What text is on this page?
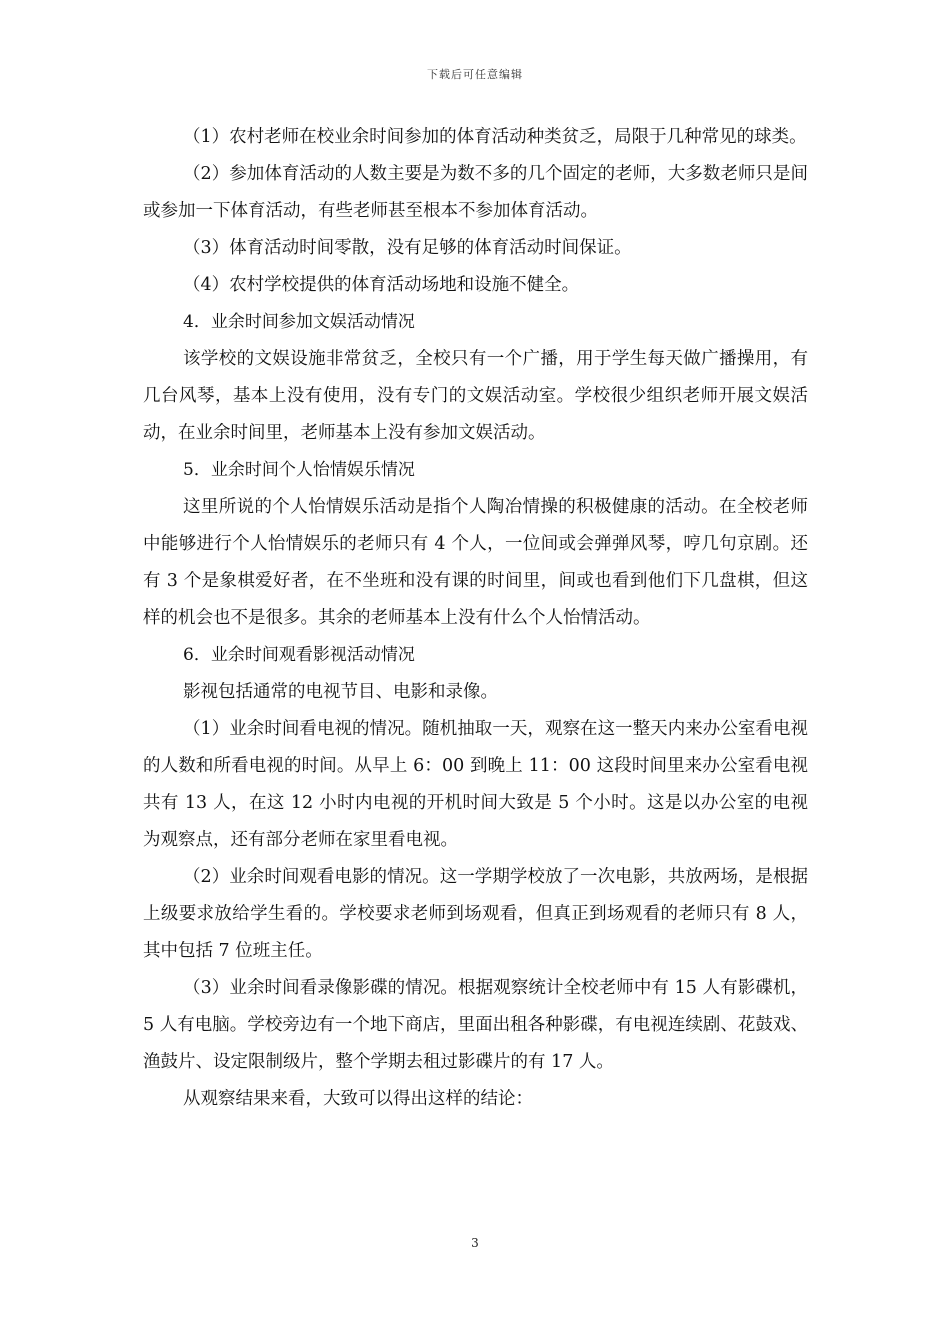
下载后可任意编辑

（1）农村老师在校业余时间参加的体育活动种类贫乏，局限于几种常见的球类。

（2）参加体育活动的人数主要是为数不多的几个固定的老师，大多数老师只是间或参加一下体育活动，有些老师甚至根本不参加体育活动。

（3）体育活动时间零散，没有足够的体育活动时间保证。

（4）农村学校提供的体育活动场地和设施不健全。

4．业余时间参加文娱活动情况

该学校的文娱设施非常贫乏，全校只有一个广播，用于学生每天做广播操用，有几台风琴，基本上没有使用，没有专门的文娱活动室。学校很少组织老师开展文娱活动，在业余时间里，老师基本上没有参加文娱活动。

5．业余时间个人怡情娱乐情况

这里所说的个人怡情娱乐活动是指个人陶冶情操的积极健康的活动。在全校老师中能够进行个人怡情娱乐的老师只有 4 个人，一位间或会弹弹风琴，哼几句京剧。还有 3 个是象棋爱好者，在不坐班和没有课的时间里，间或也看到他们下几盘棋，但这样的机会也不是很多。其余的老师基本上没有什么个人怡情活动。

6．业余时间观看影视活动情况

影视包括通常的电视节目、电影和录像。

（1）业余时间看电视的情况。随机抽取一天，观察在这一整天内来办公室看电视的人数和所看电视的时间。从早上 6：00 到晚上 11：00 这段时间里来办公室看电视共有 13 人，在这 12 小时内电视的开机时间大致是 5 个小时。这是以办公室的电视为观察点，还有部分老师在家里看电视。

（2）业余时间观看电影的情况。这一学期学校放了一次电影，共放两场，是根据上级要求放给学生看的。学校要求老师到场观看，但真正到场观看的老师只有 8 人，其中包括 7 位班主任。

（3）业余时间看录像影碟的情况。根据观察统计全校老师中有 15 人有影碟机，5 人有电脑。学校旁边有一个地下商店，里面出租各种影碟，有电视连续剧、花鼓戏、渔鼓片、设定限制级片，整个学期去租过影碟片的有 17 人。

从观察结果来看，大致可以得出这样的结论：

3
